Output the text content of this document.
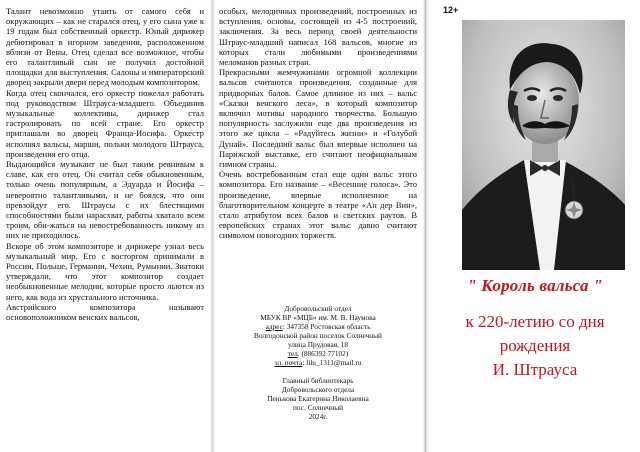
Талант невозможно утаить от самого себя и окружающих – как не старался отец, у его сына уже к 19 годам был собственный оркестр. Юный дирижер дебютировал в игорном заведении, расположенном вблизи от Вены. Отец сделал все возможное, чтобы его талантливый сын не получил достойной площадки для выступления. Салоны и императорский дворец закрыли двери перед молодым композитором.

Когда отец скончался, его оркестр пожелал работать под руководством Штрауса-младшего. Объединив музыкальные коллективы, дирижер стал гастролировать по всей стране. Его оркестр приглашали во дворец Франца-Иосифа. Оркестр исполнял вальсы, марши, польки молодого Штрауса, произведения его отца.

Выдающийся музыкант не был таким ревнивым к славе, как его отец. Он считал себя обыкновенным, только очень популярным, а Эдуарда и Йосифа – невероятно талантливыми, и не боялся, что они превзойдут его. Штраусы с их блестящими способностями были нарасхват, работы хватало всем троим, оби-жаться на невостребованность никому из них не приходилось.

Вскоре об этом композиторе и дирижере узнал весь музыкальный мир. Его с восторгом принимали в России, Польше, Германии, Чехии, Румынии. Знатоки утверждали, что этот композитор создает необыкновенные мелодии, которые просто льются из него, как вода из хрустального источника.

Австрийского композитора называют основоположником венских вальсов,

особых, мелодичных произведений, построенных из вступления, основы, состоящей из 4-5 построений, заключения. За весь период своей деятельности Штраус-младший написал 168 вальсов, многие из которых стали любимыми произведениями меломанов разных стран.

Прекрасными жемчужинами огромной коллекции вальсов считаются произведения, созданные для придворных балов. Самое длинное из них – вальс «Сказки венского леса», в который композитор включил мотивы народного творчества. Большую популярность заслужили еще два произведения из этого же цикла – «Радуйтесь жизни» и «Голубой Дунай». Последний вальс был впервые исполнен на Парижской выставке, его считают неофициальным гимном страны.

Очень востребованным стал еще один вальс этого композитора. Его название – «Весенние голоса». Это произведение, впервые исполненное на благотворительном концерте в театре «Ан дер Вин», стало атрибутом всех балов и светских раутов. В европейских странах этот вальс давно считают символом новогодних торжеств.

Добровольский отдел
МБУК ВР «МЦБ» им. М. В. Наумова
адрес: 347358 Ростовская область
Волгодонской район поселок Солнечный
улица Прудовая, 18
тел. (886392 77102)
эл. почта: lilu_1311@mail.ru
Главный библиотекарь
Добровольского отдела
Пенькова Екатерина Николаевна
пос. Солнечный
2024г.
12+
" Король вальса "
к 220-летию со дня
рождения
И. Штрауса
